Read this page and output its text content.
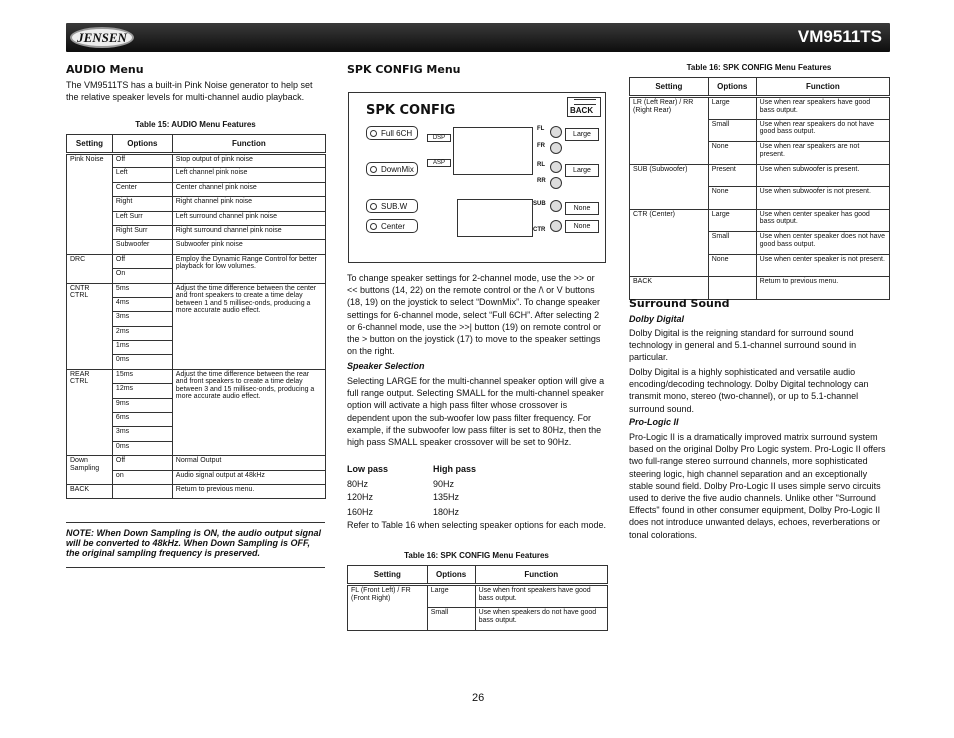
JENSEN	VM9511TS
AUDIO Menu

The VM9511TS has a built-in Pink Noise generator to help set the relative speaker levels for multi-channel audio playback.

Table 15: AUDIO Menu Features
Setting	Options	Function
Pink Noise	Off	Stop output of pink noise
	Left	Left channel pink noise
	Center	Center channel pink noise
	Right	Right channel pink noise
	Left Surr	Left surround channel pink noise
	Right Surr	Right surround channel pink noise
	Subwoofer	Subwoofer pink noise
DRC	Off	Employ the Dynamic Range Control for better playback for low volumes.
	On	
CNTR CTRL	5ms	Adjust the time difference between the center and front speakers to create a time delay between 1 and 5 millisec-onds, producing a more accurate audio effect.
	4ms	
	3ms	
	2ms	
	1ms	
	0ms	
REAR CTRL	15ms	Adjust the time difference between the rear and front speakers to create a time delay between 3 and 15 millisec-onds, producing a more accurate audio effect.
	12ms	
	9ms	
	6ms	
	3ms	
	0ms	
Down Sampling	Off	Normal Output
	on	Audio signal output at 48kHz
BACK		Return to previous menu.
NOTE: When Down Sampling is ON, the audio output signal will be converted to 48kHz. When Down Sampling is OFF, the original sampling frequency is preserved.
SPK CONFIG Menu
SPK CONFIG	BACK
Full 6CH
DownMix
SUB.W
Center
DSP
ASP
FL
FR
RL
RR
SUB
CTR
Large
Large
None
None

To change speaker settings for 2-channel mode, use the >> or << buttons (14, 22) on the remote control or the /\ or V buttons (18, 19) on the joystick to select “DownMix”. To change speaker settings for 6-channel mode, select “Full 6CH”. After selecting 2 or 6-channel mode, use the >>| button (19) on remote control or the > button on the joystick (17) to move to the speaker settings on the right.

Speaker Selection

Selecting LARGE for the multi-channel speaker option will give a full range output. Selecting SMALL for the multi-channel speaker option will activate a high pass filter whose crossover is dependent upon the sub-woofer low pass filter frequency. For example, if the subwoofer low pass filter is set to 80Hz, then the high pass SMALL speaker crossover will be set to 90Hz.

Low pass	High pass
80Hz	90Hz
120Hz	135Hz
160Hz	180Hz

Refer to Table 16 when selecting speaker options for each mode.

Table 16: SPK CONFIG Menu Features
Setting	Options	Function
FL (Front Left) / FR (Front Right)	Large	Use when front speakers have good bass output.
	Small	Use when speakers do not have good bass output.
Table 16: SPK CONFIG Menu Features
Setting	Options	Function
LR (Left Rear) / RR (Right Rear)	Large	Use when rear speakers have good bass output.
	Small	Use when rear speakers do not have good bass output.
	None	Use when rear speakers are not present.
SUB (Subwoofer)	Present	Use when subwoofer is present.
	None	Use when subwoofer is not present.
CTR (Center)	Large	Use when center speaker has good bass output.
	Small	Use when center speaker does not have good bass output.
	None	Use when center speaker is not present.
BACK		Return to previous menu.
Surround Sound
Dolby Digital

Dolby Digital is the reigning standard for surround sound technology in general and 5.1-channel surround sound in particular.

Dolby Digital is a highly sophisticated and versatile audio encoding/decoding technology. Dolby Digital technology can transmit mono, stereo (two-channel), or up to 5.1-channel surround sound.

Pro-Logic II

Pro-Logic II is a dramatically improved matrix surround system based on the original Dolby Pro Logic system. Pro-Logic II offers two full-range stereo surround channels, more sophisticated steering logic, high channel separation and an exceptionally stable sound field. Dolby Pro-Logic II uses simple servo circuits used to derive the five audio channels. Unlike other "Surround Effects" found in other consumer equipment, Dolby Pro-Logic II does not introduce unwanted delays, echoes, reverberations or tonal colorations.

26
